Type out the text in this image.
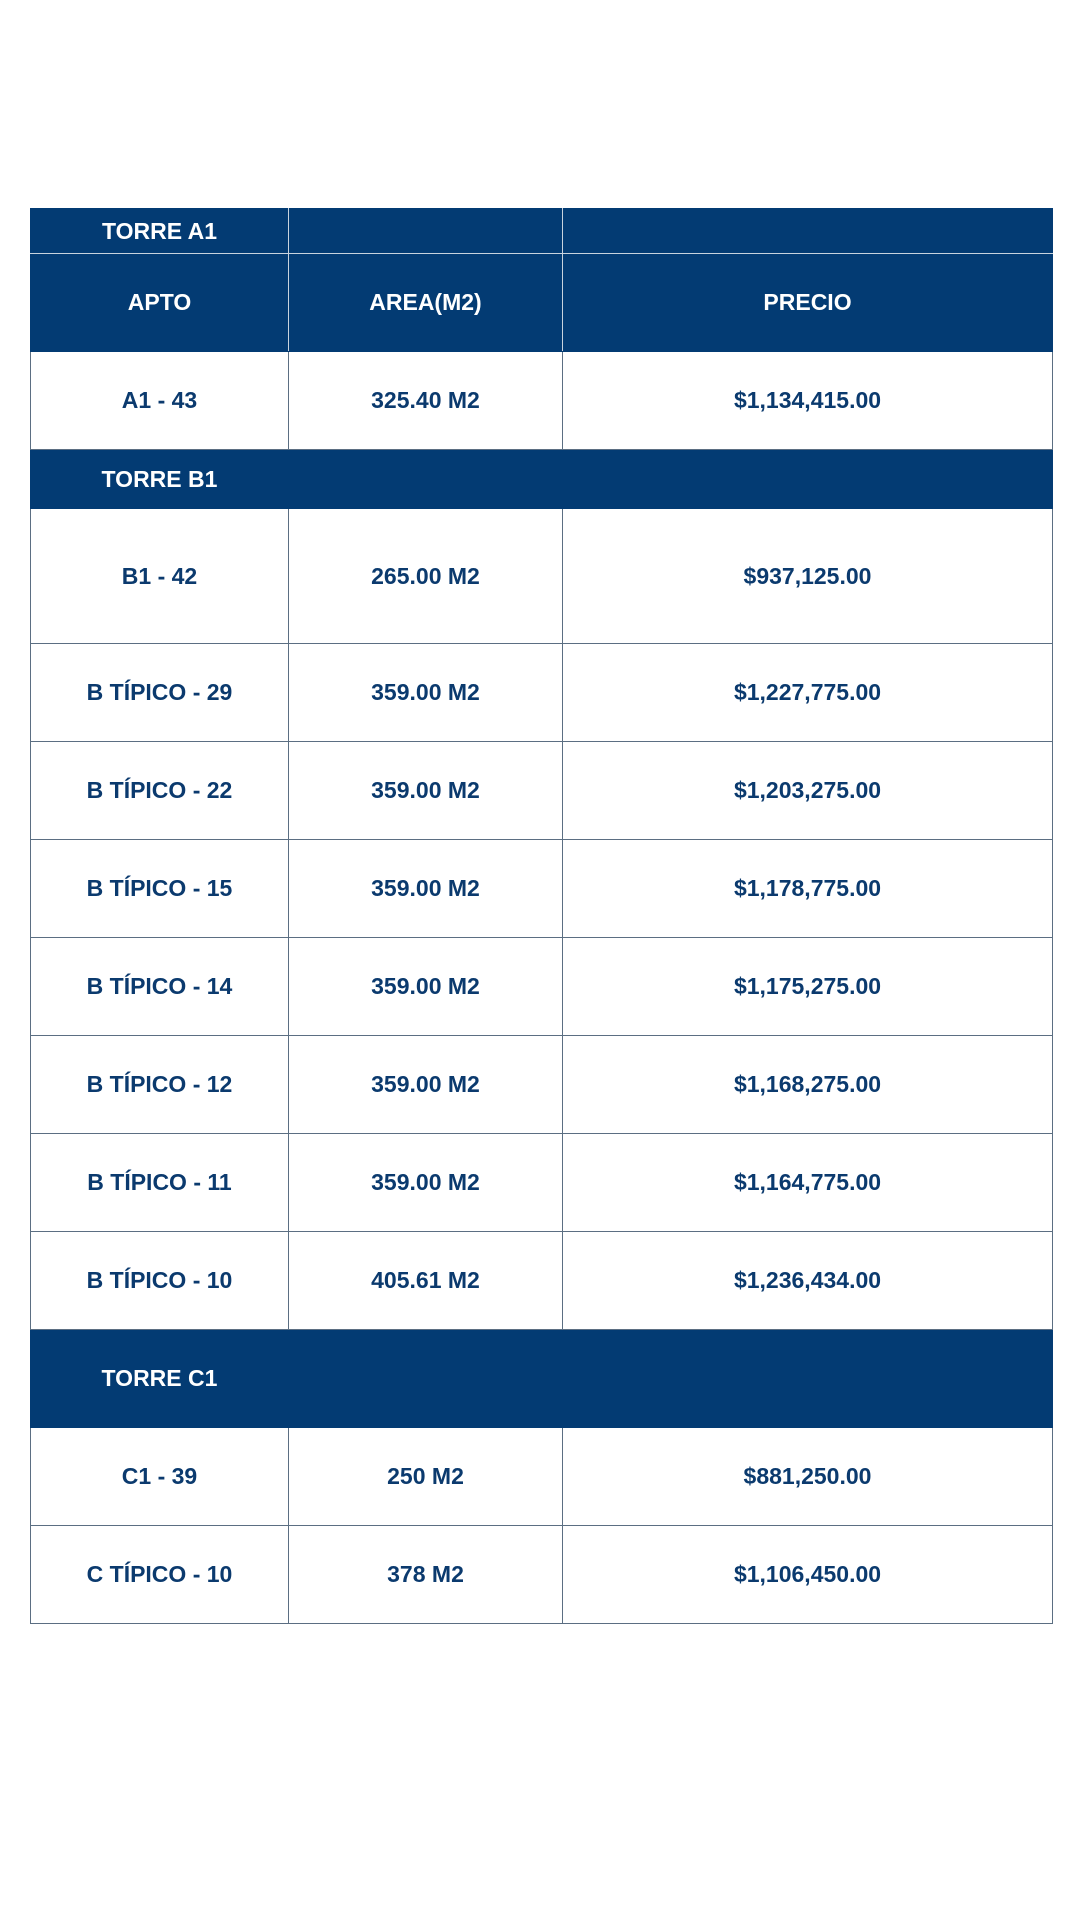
TORRE A1		
APTO	AREA(M2)	PRECIO
A1 - 43	325.40 M2	$1,134,415.00
TORRE B1		
B1 - 42	265.00 M2	$937,125.00
B TÍPICO - 29	359.00 M2	$1,227,775.00
B TÍPICO - 22	359.00 M2	$1,203,275.00
B TÍPICO - 15	359.00 M2	$1,178,775.00
B TÍPICO - 14	359.00 M2	$1,175,275.00
B TÍPICO - 12	359.00 M2	$1,168,275.00
B TÍPICO - 11	359.00 M2	$1,164,775.00
B TÍPICO - 10	405.61 M2	$1,236,434.00
TORRE C1		
C1 - 39	250 M2	$881,250.00
C TÍPICO - 10	378 M2	$1,106,450.00
